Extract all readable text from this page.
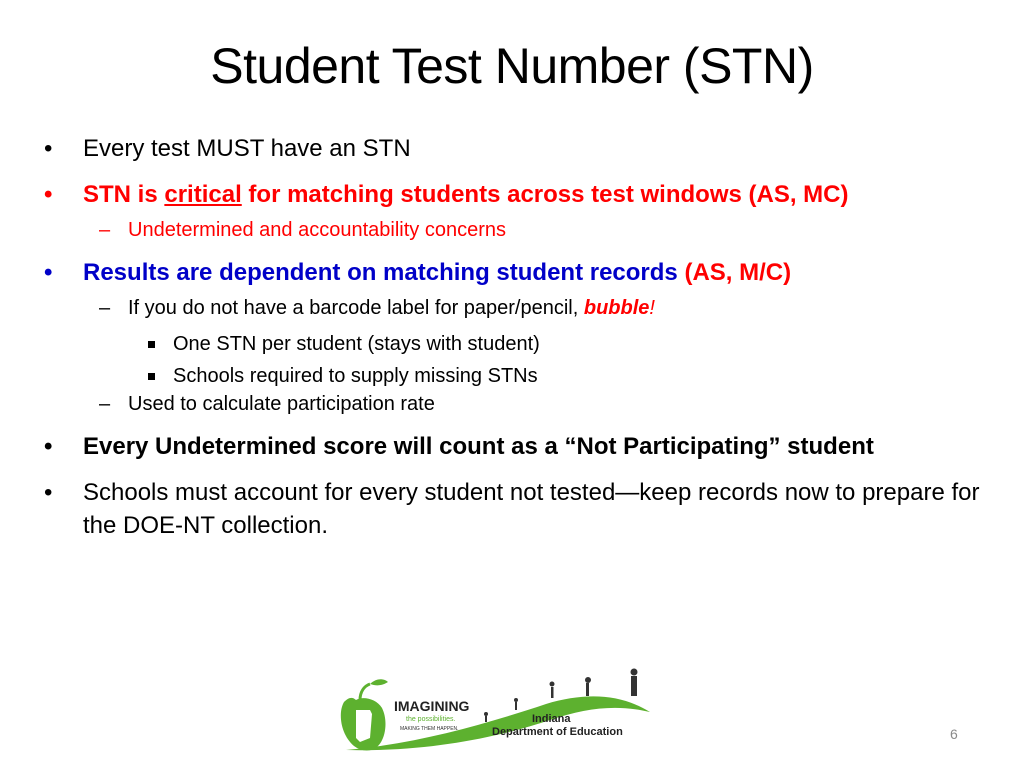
Student Test Number (STN)
• Every test MUST have an STN
• STN is critical for matching students across test windows (AS, MC)
– Undetermined and accountability concerns
• Results are dependent on matching student records (AS, M/C)
– If you do not have a barcode label for paper/pencil, bubble!
One STN per student (stays with student)
Schools required to supply missing STNs
– Used to calculate participation rate
• Every Undetermined score will count as a “Not Participating” student
• Schools must account for every student not tested—keep records now to prepare for the DOE-NT collection.
IMAGINING
the possibilities.
MAKING THEM HAPPEN.
Indiana
Department of Education	6
